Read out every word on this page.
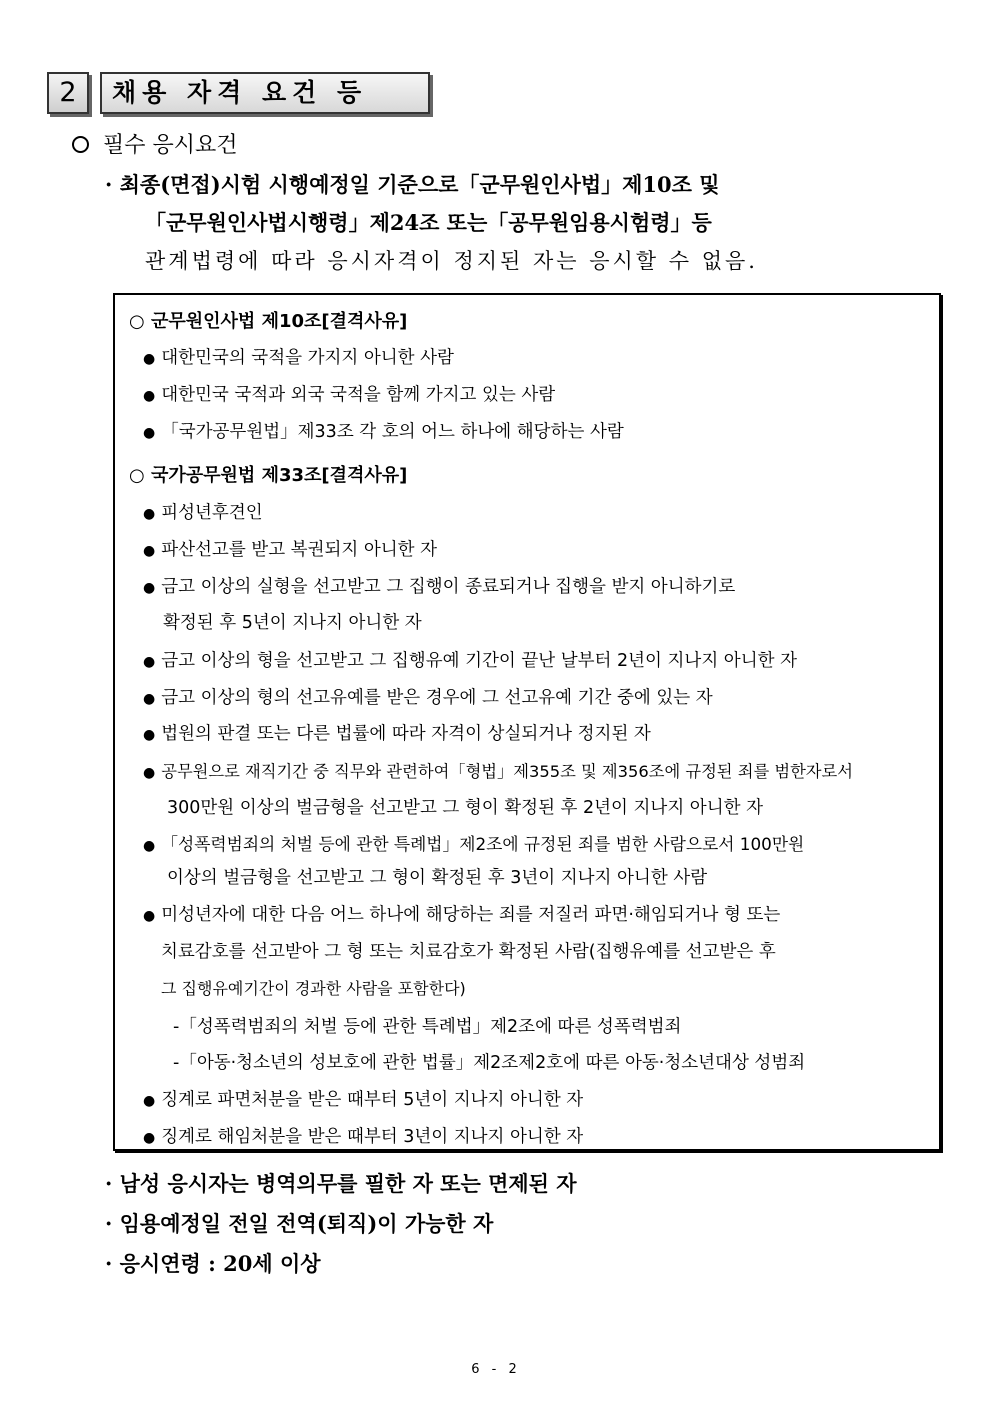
2	채용 자격 요건 등
필수 응시요건
· 최종(면접)시험 시행예정일 기준으로「군무원인사법」제10조 및
「군무원인사법시행령」제24조 또는「공무원임용시험령」등
관계법령에 따라 응시자격이 정지된 자는 응시할 수 없음.
○ 군무원인사법 제10조[결격사유]
● 대한민국의 국적을 가지지 아니한 사람
● 대한민국 국적과 외국 국적을 함께 가지고 있는 사람
● 「국가공무원법」제33조 각 호의 어느 하나에 해당하는 사람
○ 국가공무원법 제33조[결격사유]
● 피성년후견인
● 파산선고를 받고 복권되지 아니한 자
● 금고 이상의 실형을 선고받고 그 집행이 종료되거나 집행을 받지 아니하기로
확정된 후 5년이 지나지 아니한 자
● 금고 이상의 형을 선고받고 그 집행유예 기간이 끝난 날부터 2년이 지나지 아니한 자
● 금고 이상의 형의 선고유예를 받은 경우에 그 선고유예 기간 중에 있는 자
● 법원의 판결 또는 다른 법률에 따라 자격이 상실되거나 정지된 자
● 공무원으로 재직기간 중 직무와 관련하여「형법」제355조 및 제356조에 규정된 죄를 범한자로서
300만원 이상의 벌금형을 선고받고 그 형이 확정된 후 2년이 지나지 아니한 자
● 「성폭력범죄의 처벌 등에 관한 특례법」제2조에 규정된 죄를 범한 사람으로서 100만원
이상의 벌금형을 선고받고 그 형이 확정된 후 3년이 지나지 아니한 사람
● 미성년자에 대한 다음 어느 하나에 해당하는 죄를 저질러 파면·해임되거나 형 또는
치료감호를 선고받아 그 형 또는 치료감호가 확정된 사람(집행유예를 선고받은 후
그 집행유예기간이 경과한 사람을 포함한다)
-「성폭력범죄의 처벌 등에 관한 특례법」제2조에 따른 성폭력범죄
-「아동·청소년의 성보호에 관한 법률」제2조제2호에 따른 아동·청소년대상 성범죄
● 징계로 파면처분을 받은 때부터 5년이 지나지 아니한 자
● 징계로 해임처분을 받은 때부터 3년이 지나지 아니한 자
· 남성 응시자는 병역의무를 필한 자 또는 면제된 자
· 임용예정일 전일 전역(퇴직)이 가능한 자
· 응시연령 : 20세 이상
6 - 2
